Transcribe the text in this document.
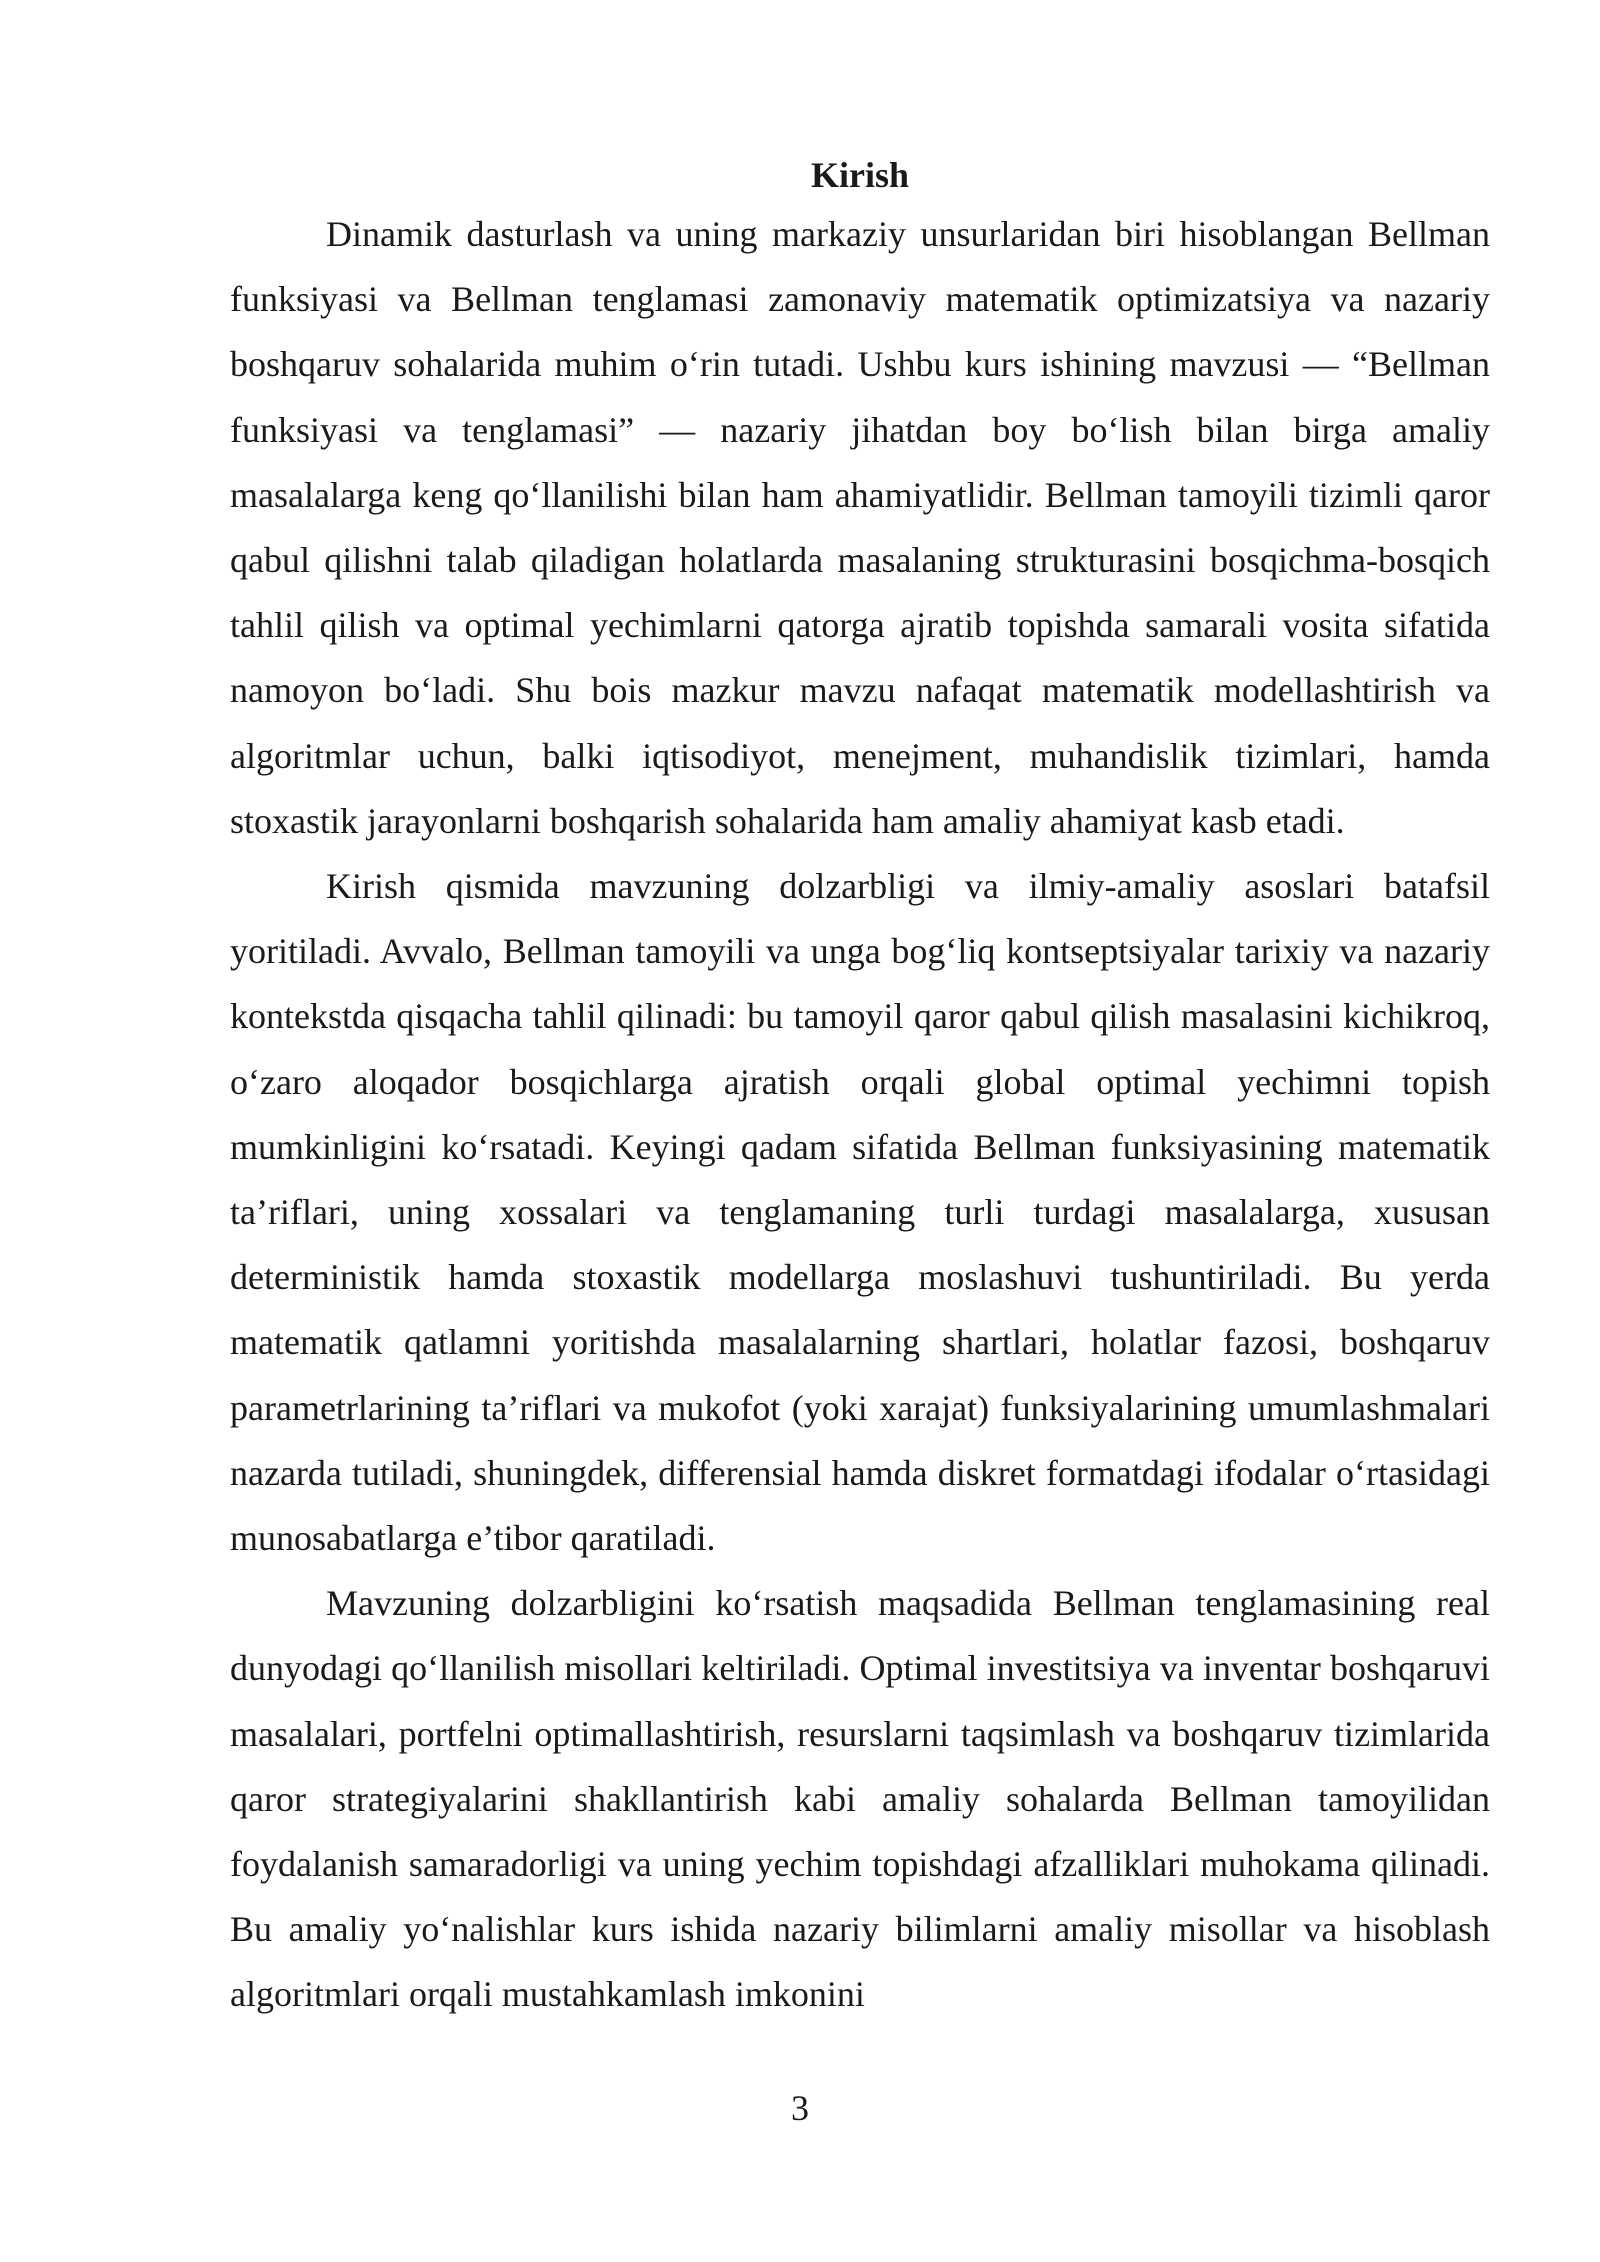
Kirish

Dinamik dasturlash va uning markaziy unsurlaridan biri hisoblangan Bellman funksiyasi va Bellman tenglamasi zamonaviy matematik optimizatsiya va nazariy boshqaruv sohalarida muhim o‘rin tutadi. Ushbu kurs ishining mavzusi — “Bellman funksiyasi va tenglamasi” — nazariy jihatdan boy bo‘lish bilan birga amaliy masalalarga keng qo‘llanilishi bilan ham ahamiyatlidir. Bellman tamoyili tizimli qaror qabul qilishni talab qiladigan holatlarda masalaning strukturasini bosqichma-bosqich tahlil qilish va optimal yechimlarni qatorga ajratib topishda samarali vosita sifatida namoyon bo‘ladi. Shu bois mazkur mavzu nafaqat matematik modellashtirish va algoritmlar uchun, balki iqtisodiyot, menejment, muhandislik tizimlari, hamda stoxastik jarayonlarni boshqarish sohalarida ham amaliy ahamiyat kasb etadi.

Kirish qismida mavzuning dolzarbligi va ilmiy-amaliy asoslari batafsil yoritiladi. Avvalo, Bellman tamoyili va unga bog‘liq kontseptsiyalar tarixiy va nazariy kontekstda qisqacha tahlil qilinadi: bu tamoyil qaror qabul qilish masalasini kichikroq, o‘zaro aloqador bosqichlarga ajratish orqali global optimal yechimni topish mumkinligini ko‘rsatadi. Keyingi qadam sifatida Bellman funksiyasining matematik ta’riflari, uning xossalari va tenglamaning turli turdagi masalalarga, xususan deterministik hamda stoxastik modellarga moslashuvi tushuntiriladi. Bu yerda matematik qatlamni yoritishda masalalarning shartlari, holatlar fazosi, boshqaruv parametrlarining ta’riflari va mukofot (yoki xarajat) funksiyalarining umumlashmalari nazarda tutiladi, shuningdek, differensial hamda diskret formatdagi ifodalar o‘rtasidagi munosabatlarga e’tibor qaratiladi.

Mavzuning dolzarbligini ko‘rsatish maqsadida Bellman tenglamasining real dunyodagi qo‘llanilish misollari keltiriladi. Optimal investitsiya va inventar boshqaruvi masalalari, portfelni optimallashtirish, resurslarni taqsimlash va boshqaruv tizimlarida qaror strategiyalarini shakllantirish kabi amaliy sohalarda Bellman tamoyilidan foydalanish samaradorligi va uning yechim topishdagi afzalliklari muhokama qilinadi. Bu amaliy yo‘nalishlar kurs ishida nazariy bilimlarni amaliy misollar va hisoblash algoritmlari orqali mustahkamlash imkonini

3
